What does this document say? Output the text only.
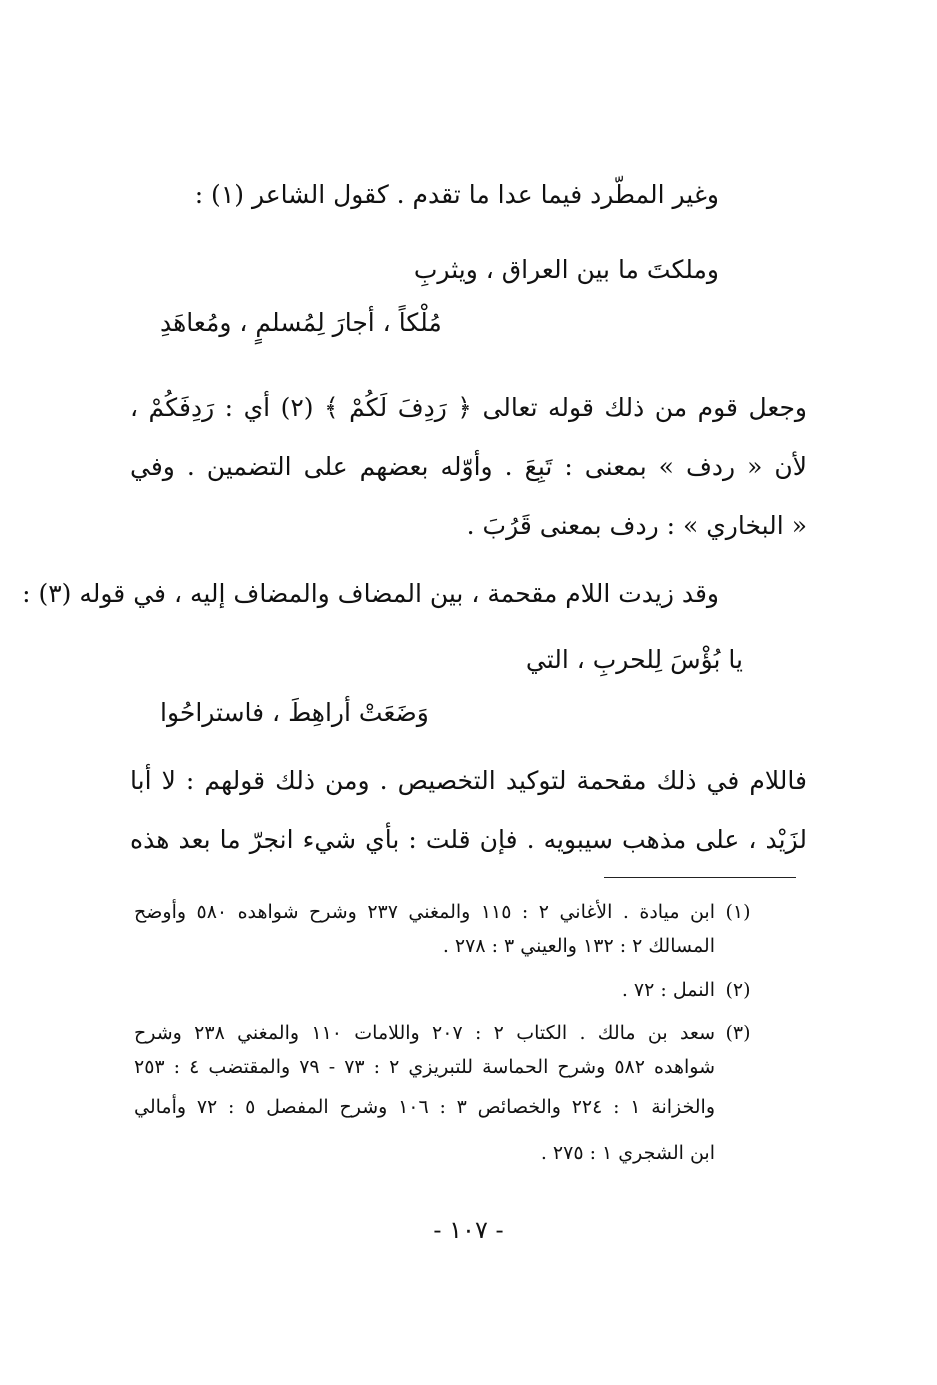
وغير المطّرد فيما عدا ما تقدم . كقول الشاعر (١) :
وملكتَ ما بين العراق ، ويثربِ
مُلْكاً ، أجارَ لِمُسلمٍ ، ومُعاهَدِ
وجعل قوم من ذلك قوله تعالى ﴿ رَدِفَ لَكُمْ ﴾ (٢) أي : رَدِفَكُمْ ،
لأن « ردف » بمعنى : تَبِعَ . وأوّله بعضهم على التضمين . وفي
« البخاري » : ردف بمعنى قَرُبَ .
وقد زيدت اللام مقحمة ، بين المضاف والمضاف إليه ، في قوله (٣) :
يا بُؤْسَ لِلحربِ ، التي
وَضَعَتْ أراهِطَ ، فاستراحُوا
فاللام في ذلك مقحمة لتوكيد التخصيص . ومن ذلك قولهم : لا أبا
لزَيْد ، على مذهب سيبويه . فإن قلت : بأي شيء انجرّ ما بعد هذه
(١)
ابن ميادة . الأغاني ٢ : ١١٥ والمغني ٢٣٧ وشرح شواهده ٥٨٠ وأوضح
المسالك ٢ : ١٣٢ والعيني ٣ : ٢٧٨ .
(٢)
النمل : ٧٢ .
(٣)
سعد بن مالك . الكتاب ٢ : ٢٠٧ واللامات ١١٠ والمغني ٢٣٨ وشرح
شواهده ٥٨٢ وشرح الحماسة للتبريزي ٢ : ٧٣ - ٧٩ والمقتضب ٤ : ٢٥٣
والخزانة ١ : ٢٢٤ والخصائص ٣ : ١٠٦ وشرح المفصل ٥ : ٧٢ وأمالي
ابن الشجري ١ : ٢٧٥ .
- ١٠٧ -
